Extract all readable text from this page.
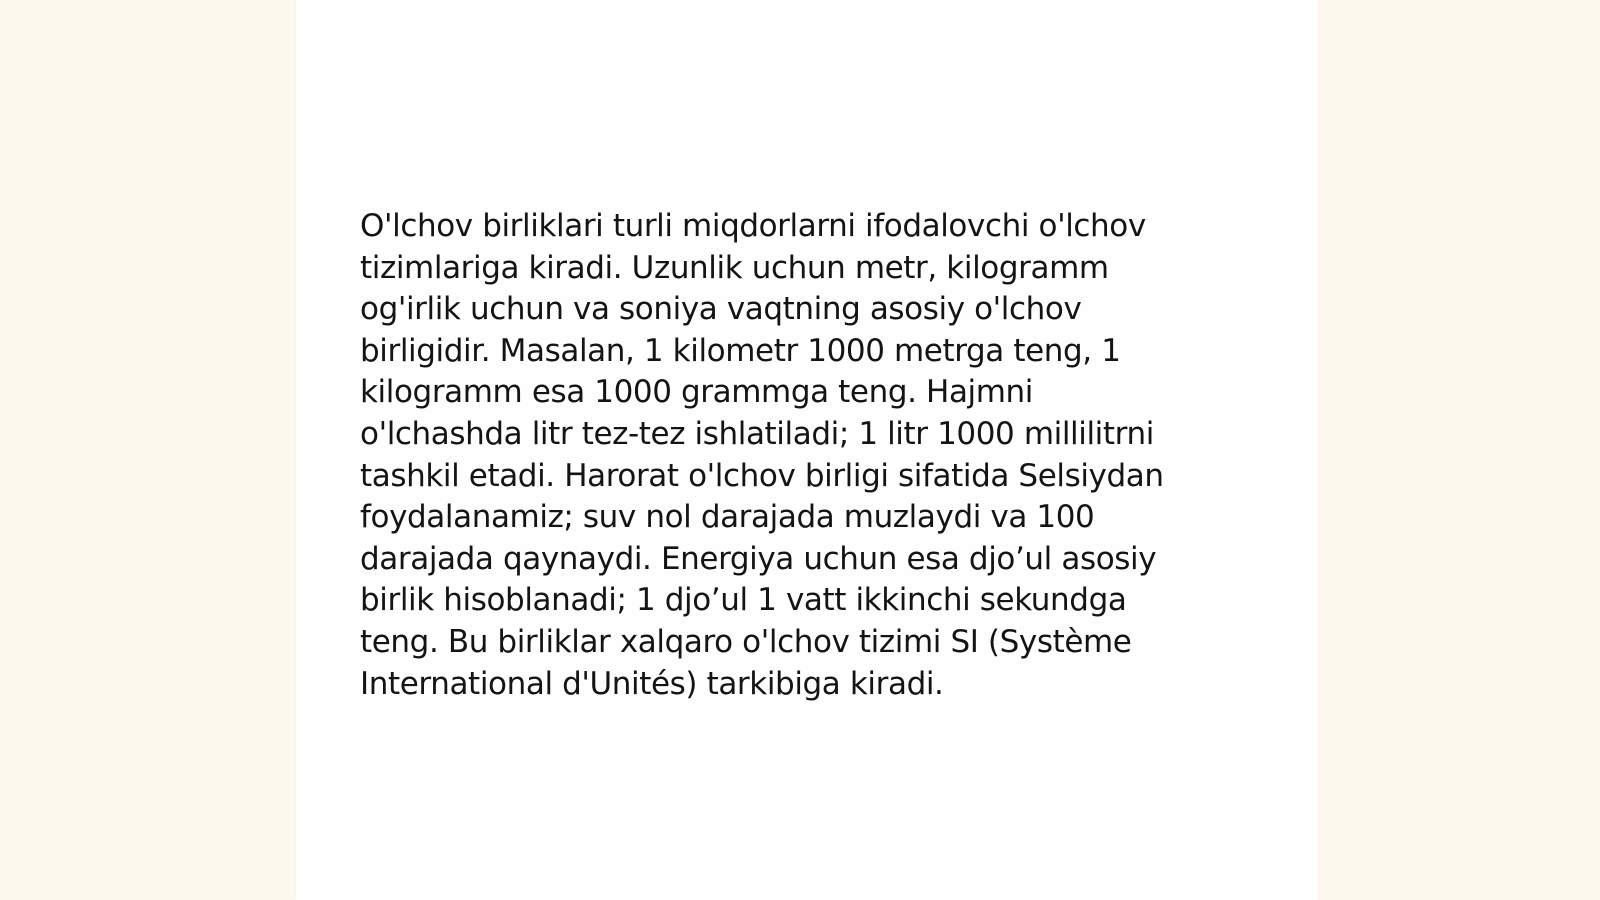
O'lchov birliklari turli miqdorlarni ifodalovchi o'lchov
tizimlariga kiradi. Uzunlik uchun metr, kilogramm
og'irlik uchun va soniya vaqtning asosiy o'lchov
birligidir. Masalan, 1 kilometr 1000 metrga teng, 1
kilogramm esa 1000 grammga teng. Hajmni
o'lchashda litr tez-tez ishlatiladi; 1 litr 1000 millilitrni
tashkil etadi. Harorat o'lchov birligi sifatida Selsiydan
foydalanamiz; suv nol darajada muzlaydi va 100
darajada qaynaydi. Energiya uchun esa djo’ul asosiy
birlik hisoblanadi; 1 djo’ul 1 vatt ikkinchi sekundga
teng. Bu birliklar xalqaro o'lchov tizimi SI (Système
International d'Unités) tarkibiga kiradi.
